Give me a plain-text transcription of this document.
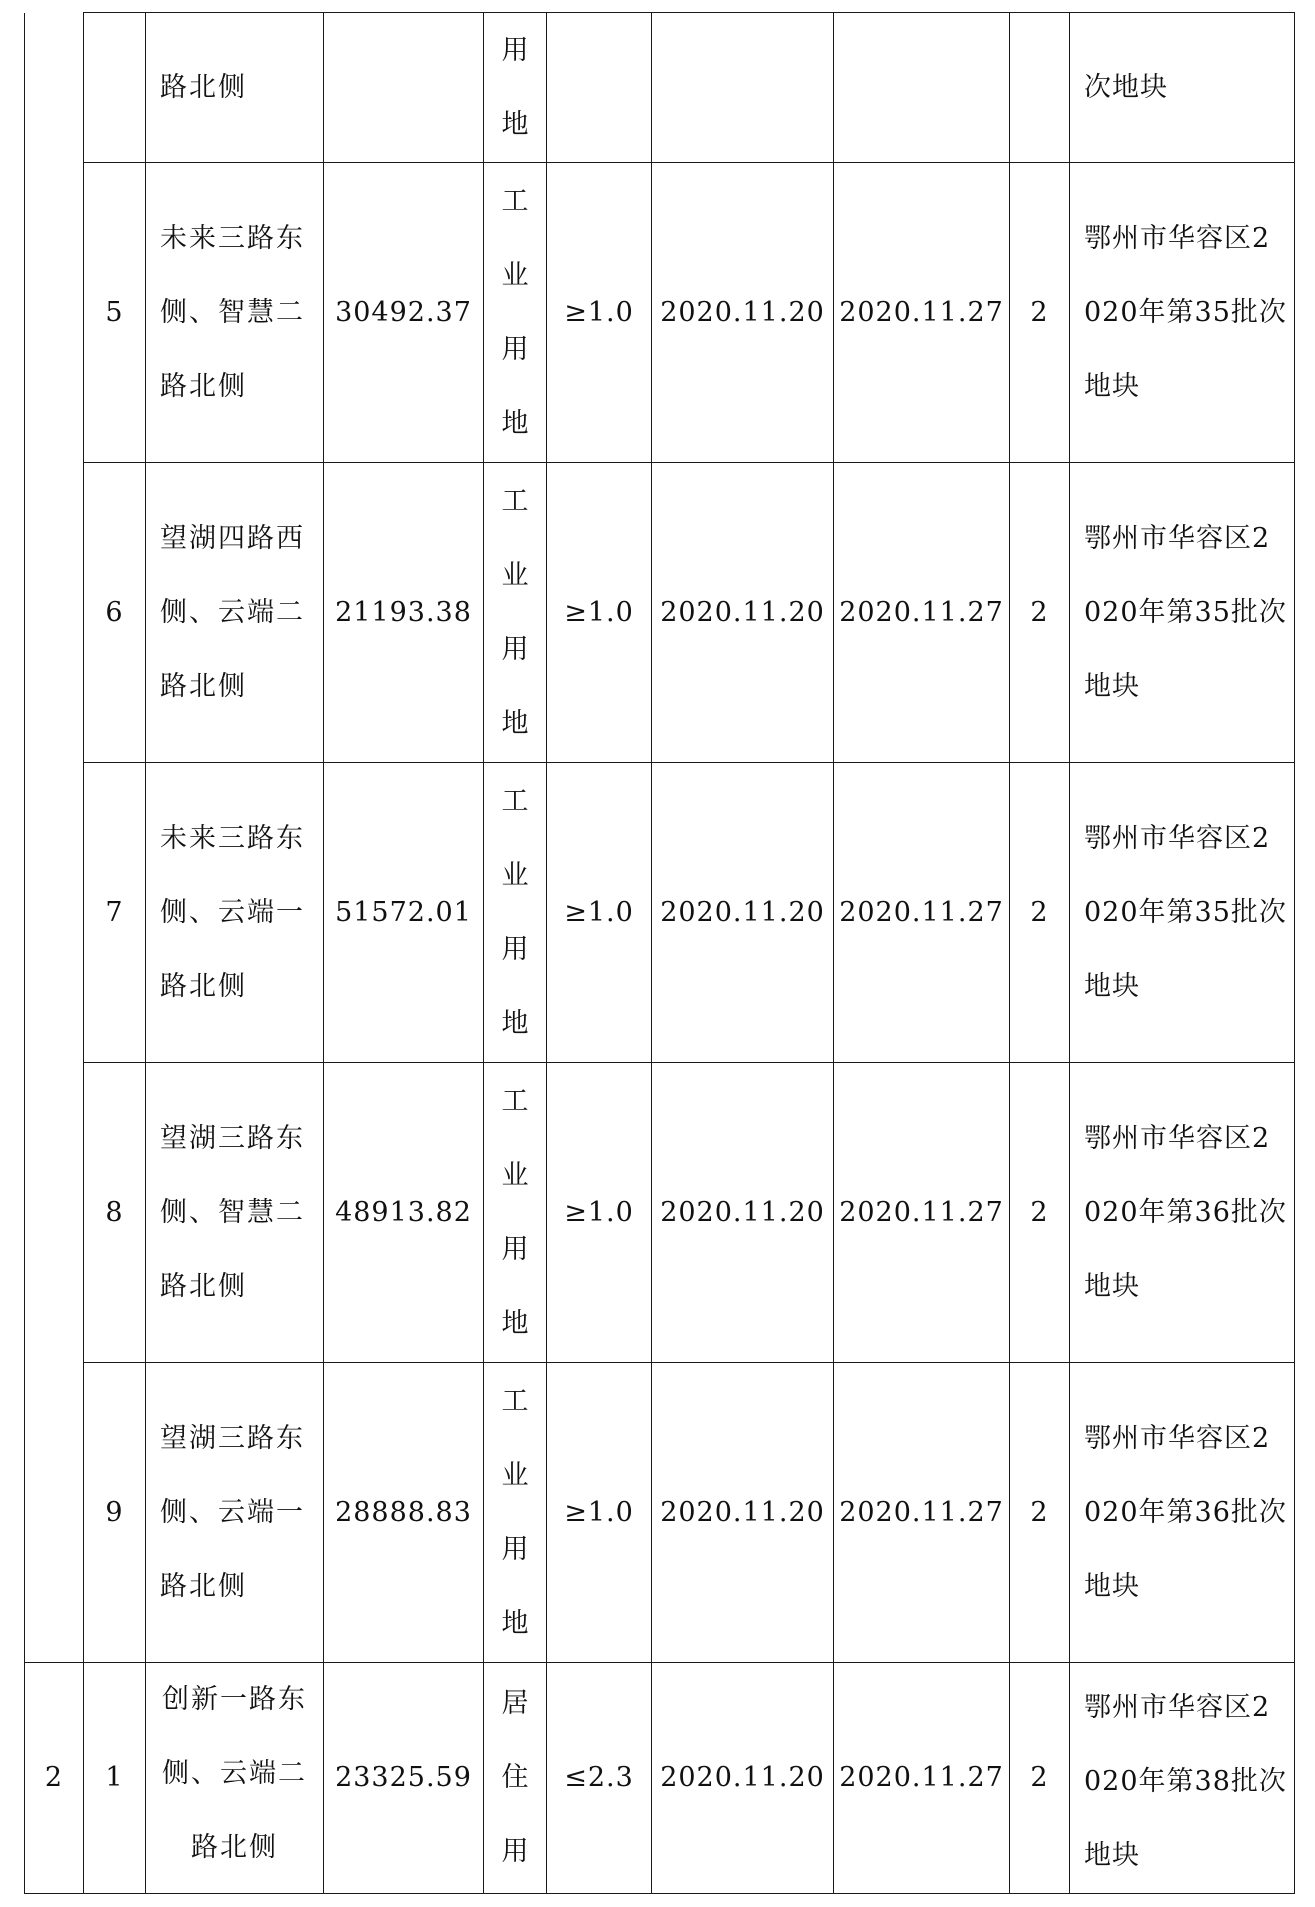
		路北侧		用地					次地块
	5	未来三路东侧、智慧二路北侧	30492.37	工业用地	≥1.0	2020.11.20	2020.11.27	2	鄂州市华容区2020年第35批次地块
	6	望湖四路西侧、云端二路北侧	21193.38	工业用地	≥1.0	2020.11.20	2020.11.27	2	鄂州市华容区2020年第35批次地块
	7	未来三路东侧、云端一路北侧	51572.01	工业用地	≥1.0	2020.11.20	2020.11.27	2	鄂州市华容区2020年第35批次地块
	8	望湖三路东侧、智慧二路北侧	48913.82	工业用地	≥1.0	2020.11.20	2020.11.27	2	鄂州市华容区2020年第36批次地块
	9	望湖三路东侧、云端一路北侧	28888.83	工业用地	≥1.0	2020.11.20	2020.11.27	2	鄂州市华容区2020年第36批次地块
2	1	创新一路东侧、云端二路北侧	23325.59	居住用	≤2.3	2020.11.20	2020.11.27	2	鄂州市华容区2020年第38批次地块
